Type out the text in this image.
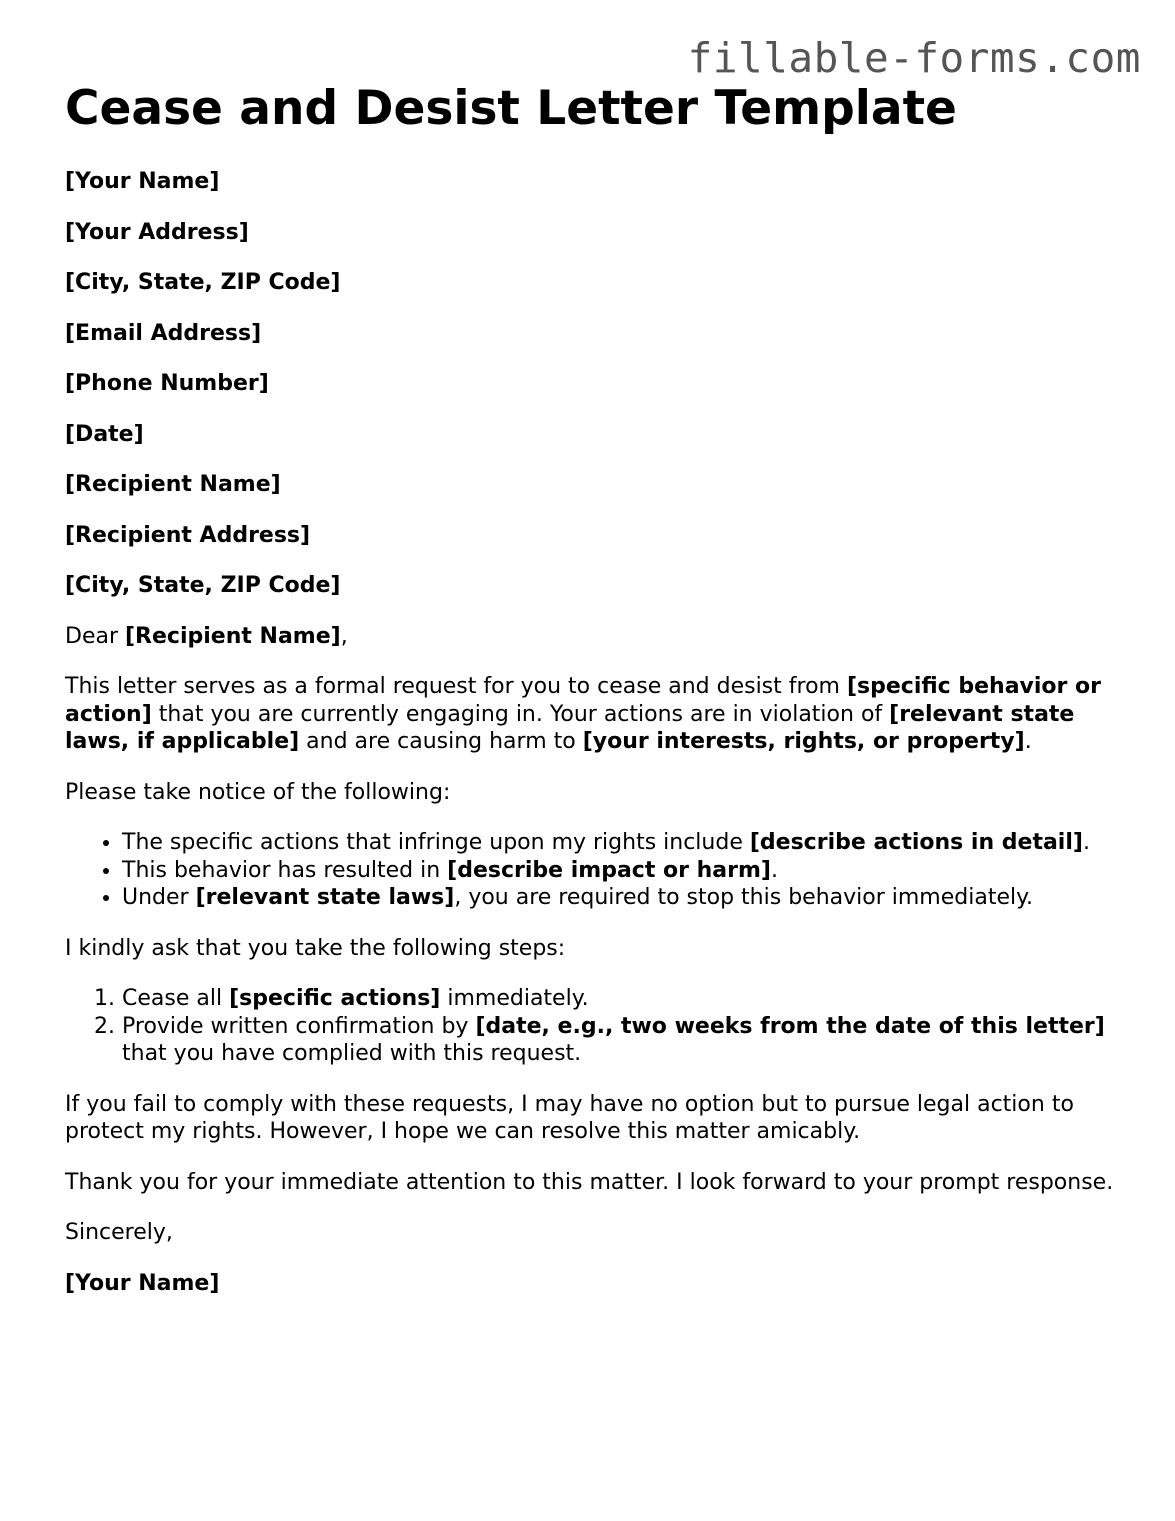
fillable-forms.com
Cease and Desist Letter Template

[Your Name]

[Your Address]

[City, State, ZIP Code]

[Email Address]

[Phone Number]

[Date]

[Recipient Name]

[Recipient Address]

[City, State, ZIP Code]

Dear [Recipient Name],

This letter serves as a formal request for you to cease and desist from [specific behavior or action] that you are currently engaging in. Your actions are in violation of [relevant state laws, if applicable] and are causing harm to [your interests, rights, or property].

Please take notice of the following:

• The specific actions that infringe upon my rights include [describe actions in detail].
• This behavior has resulted in [describe impact or harm].
• Under [relevant state laws], you are required to stop this behavior immediately.

I kindly ask that you take the following steps:

1. Cease all [specific actions] immediately.
2. Provide written confirmation by [date, e.g., two weeks from the date of this letter] that you have complied with this request.

If you fail to comply with these requests, I may have no option but to pursue legal action to protect my rights. However, I hope we can resolve this matter amicably.

Thank you for your immediate attention to this matter. I look forward to your prompt response.

Sincerely,

[Your Name]
